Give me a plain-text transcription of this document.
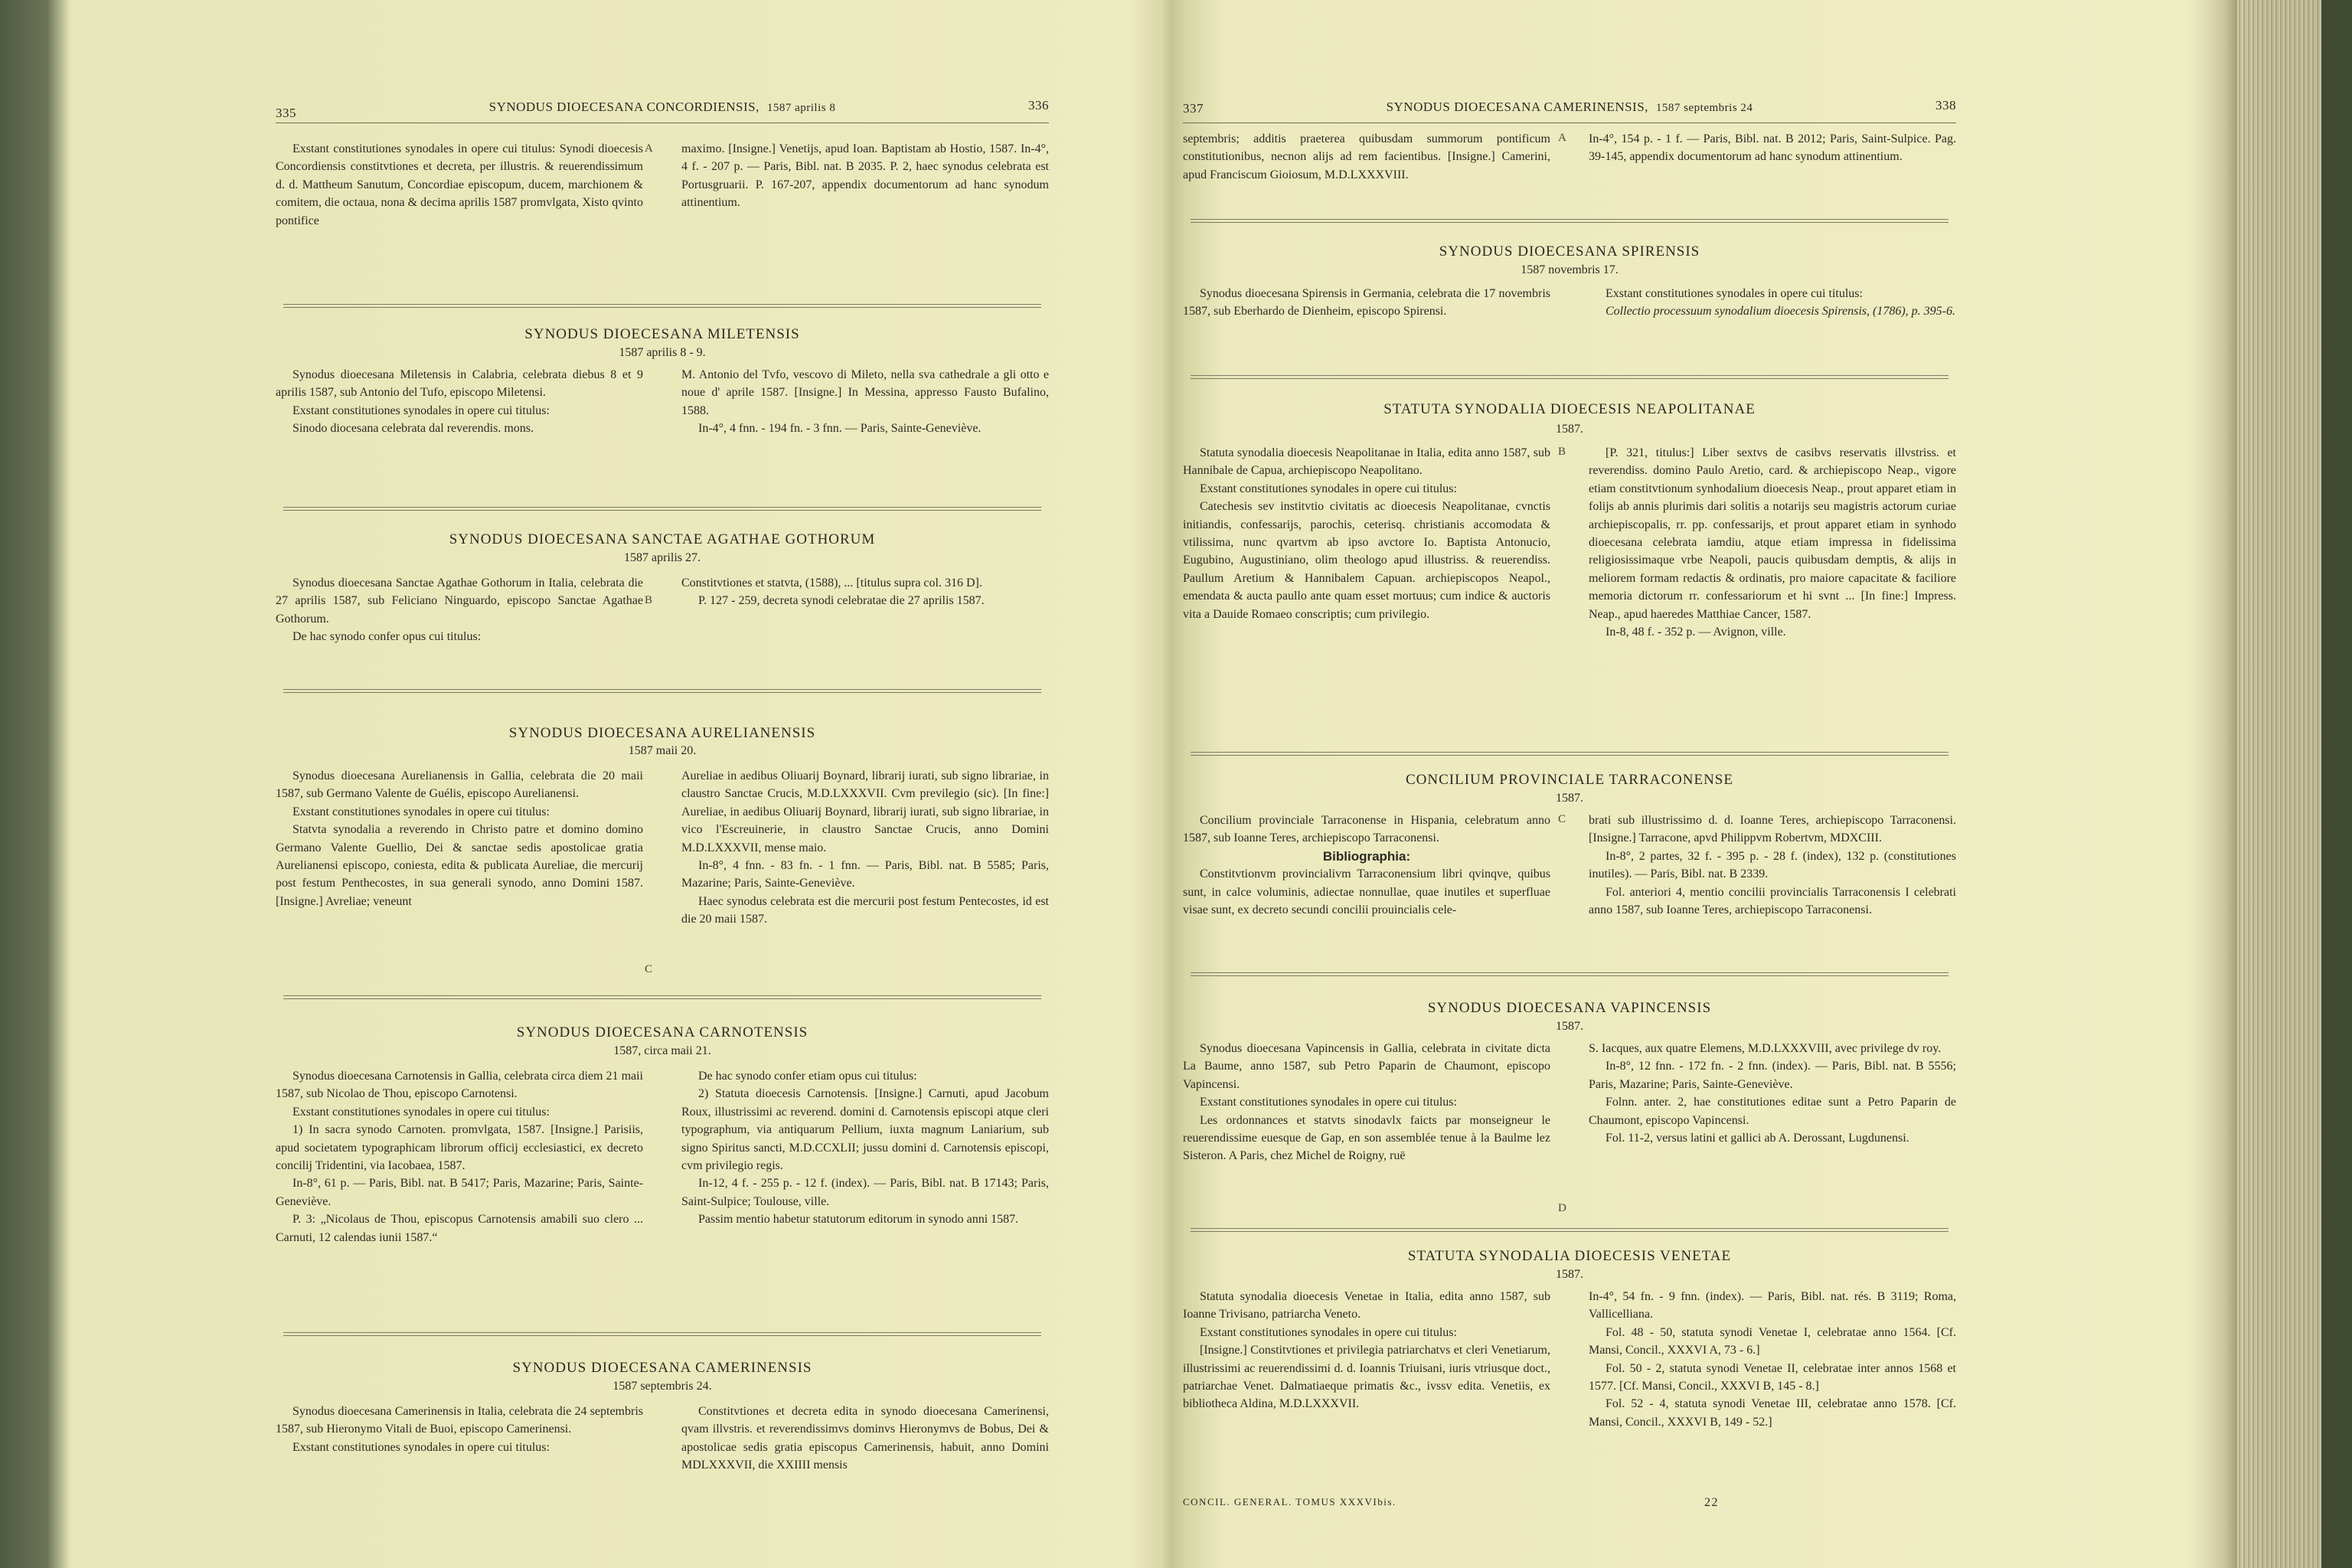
335	SYNODUS DIOECESANA CONCORDIENSIS, 1587 aprilis 8	336

Exstant constitutiones synodales in opere cui titulus: Synodi dioecesis Concordiensis constitvtiones et decreta, per illustris. & reuerendissimum d. d. Mattheum Sanutum, Concordiae episcopum, ducem, marchionem & comitem, die octaua, nona & decima aprilis 1587 promvlgata, Xisto qvinto pontifice

maximo. [Insigne.] Venetijs, apud Ioan. Baptistam ab Hostio, 1587. In-4°, 4 f. - 207 p. — Paris, Bibl. nat. B 2035. P. 2, haec synodus celebrata est Portusgruarii. P. 167-207, appendix documentorum ad hanc synodum attinentium.

A
SYNODUS DIOECESANA MILETENSIS
1587 aprilis 8 - 9.

Synodus dioecesana Miletensis in Calabria, celebrata diebus 8 et 9 aprilis 1587, sub Antonio del Tufo, episcopo Miletensi.

Exstant constitutiones synodales in opere cui titulus:

Sinodo diocesana celebrata dal reverendis. mons.

M. Antonio del Tvfo, vescovo di Mileto, nella sva cathedrale a gli otto e noue d' aprile 1587. [Insigne.] In Messina, appresso Fausto Bufalino, 1588.

In-4°, 4 fnn. - 194 fn. - 3 fnn. — Paris, Sainte-Geneviève.

SYNODUS DIOECESANA SANCTAE AGATHAE GOTHORUM
1587 aprilis 27.

Synodus dioecesana Sanctae Agathae Gothorum in Italia, celebrata die 27 aprilis 1587, sub Feliciano Ninguardo, episcopo Sanctae Agathae Gothorum.

De hac synodo confer opus cui titulus:

Constitvtiones et statvta, (1588), ... [titulus supra col. 316 D].

P. 127 - 259, decreta synodi celebratae die 27 aprilis 1587.

B
SYNODUS DIOECESANA AURELIANENSIS
1587 maii 20.

Synodus dioecesana Aurelianensis in Gallia, celebrata die 20 maii 1587, sub Germano Valente de Guélis, episcopo Aurelianensi.

Exstant constitutiones synodales in opere cui titulus:

Statvta synodalia a reverendo in Christo patre et domino domino Germano Valente Guellio, Dei & sanctae sedis apostolicae gratia Aurelianensi episcopo, coniesta, edita & publicata Aureliae, die mercurij post festum Penthecostes, in sua generali synodo, anno Domini 1587. [Insigne.] Avreliae; veneunt

Aureliae in aedibus Oliuarij Boynard, librarij iurati, sub signo librariae, in claustro Sanctae Crucis, M.D.LXXXVII. Cvm previlegio (sic). [In fine:] Aureliae, in aedibus Oliuarij Boynard, librarij iurati, sub signo librariae, in vico l'Escreuinerie, in claustro Sanctae Crucis, anno Domini M.D.LXXXVII, mense maio.

In-8°, 4 fnn. - 83 fn. - 1 fnn. — Paris, Bibl. nat. B 5585; Paris, Mazarine; Paris, Sainte-Geneviève.

Haec synodus celebrata est die mercurii post festum Pentecostes, id est die 20 maii 1587.

C
SYNODUS DIOECESANA CARNOTENSIS
1587, circa maii 21.

Synodus dioecesana Carnotensis in Gallia, celebrata circa diem 21 maii 1587, sub Nicolao de Thou, episcopo Carnotensi.

Exstant constitutiones synodales in opere cui titulus:

1) In sacra synodo Carnoten. promvlgata, 1587. [Insigne.] Parisiis, apud societatem typographicam librorum officij ecclesiastici, ex decreto concilij Tridentini, via Iacobaea, 1587.

In-8°, 61 p. — Paris, Bibl. nat. B 5417; Paris, Mazarine; Paris, Sainte-Geneviève.

P. 3: „Nicolaus de Thou, episcopus Carnotensis amabili suo clero ... Carnuti, 12 calendas iunii 1587.“

De hac synodo confer etiam opus cui titulus:

2) Statuta dioecesis Carnotensis. [Insigne.] Carnuti, apud Jacobum Roux, illustrissimi ac reverend. domini d. Carnotensis episcopi atque cleri typographum, via antiquarum Pellium, iuxta magnum Laniarium, sub signo Spiritus sancti, M.D.CCXLII; jussu domini d. Carnotensis episcopi, cvm privilegio regis.

In-12, 4 f. - 255 p. - 12 f. (index). — Paris, Bibl. nat. B 17143; Paris, Saint-Sulpice; Toulouse, ville.

Passim mentio habetur statutorum editorum in synodo anni 1587.

SYNODUS DIOECESANA CAMERINENSIS
1587 septembris 24.

Synodus dioecesana Camerinensis in Italia, celebrata die 24 septembris 1587, sub Hieronymo Vitali de Buoi, episcopo Camerinensi.

Exstant constitutiones synodales in opere cui titulus:

Constitvtiones et decreta edita in synodo dioecesana Camerinensi, qvam illvstris. et reverendissimvs dominvs Hieronymvs de Bobus, Dei & apostolicae sedis gratia episcopus Camerinensis, habuit, anno Domini MDLXXXVII, die XXIIII mensis

337	SYNODUS DIOECESANA CAMERINENSIS, 1587 septembris 24	338

septembris; additis praeterea quibusdam summorum pontificum constitutionibus, necnon alijs ad rem facientibus. [Insigne.] Camerini, apud Franciscum Gioiosum, M.D.LXXXVIII.

In-4°, 154 p. - 1 f. — Paris, Bibl. nat. B 2012; Paris, Saint-Sulpice. Pag. 39-145, appendix documentorum ad hanc synodum attinentium.

A
SYNODUS DIOECESANA SPIRENSIS
1587 novembris 17.

Synodus dioecesana Spirensis in Germania, celebrata die 17 novembris 1587, sub Eberhardo de Dienheim, episcopo Spirensi.

Exstant constitutiones synodales in opere cui titulus:

Collectio processuum synodalium dioecesis Spirensis, (1786), p. 395-6.

STATUTA SYNODALIA DIOECESIS NEAPOLITANAE
1587.

Statuta synodalia dioecesis Neapolitanae in Italia, edita anno 1587, sub Hannibale de Capua, archiepiscopo Neapolitano.

Exstant constitutiones synodales in opere cui titulus:

Catechesis sev institvtio civitatis ac dioecesis Neapolitanae, cvnctis initiandis, confessarijs, parochis, ceterisq. christianis accomodata & vtilissima, nunc qvartvm ab ipso avctore Io. Baptista Antonucio, Eugubino, Augustiniano, olim theologo apud illustriss. & reuerendiss. Paullum Aretium & Hannibalem Capuan. archiepiscopos Neapol., emendata & aucta paullo ante quam esset mortuus; cum indice & auctoris vita a Dauide Romaeo conscriptis; cum privilegio.

[P. 321, titulus:] Liber sextvs de casibvs reservatis illvstriss. et reverendiss. domino Paulo Aretio, card. & archiepiscopo Neap., vigore etiam constitvtionum synhodalium dioecesis Neap., prout apparet etiam in folijs ab annis plurimis dari solitis a notarijs seu magistris actorum curiae archiepiscopalis, rr. pp. confessarijs, et prout apparet etiam in synhodo dioecesana celebrata iamdiu, atque etiam impressa in fidelissima religiosissimaque vrbe Neapoli, paucis quibusdam demptis, & alijs in meliorem formam redactis & ordinatis, pro maiore capacitate & faciliore memoria dictorum rr. confessariorum et hi svnt ... [In fine:] Impress. Neap., apud haeredes Matthiae Cancer, 1587.

In-8, 48 f. - 352 p. — Avignon, ville.

B
CONCILIUM PROVINCIALE TARRACONENSE
1587.

Concilium provinciale Tarraconense in Hispania, celebratum anno 1587, sub Ioanne Teres, archiepiscopo Tarraconensi.

Bibliographia:

Constitvtionvm provincialivm Tarraconensium libri qvinqve, quibus sunt, in calce voluminis, adiectae nonnullae, quae inutiles et superfluae visae sunt, ex decreto secundi concilii prouincialis cele-

brati sub illustrissimo d. d. Ioanne Teres, archiepiscopo Tarraconensi. [Insigne.] Tarracone, apvd Philippvm Robertvm, MDXCIII.

In-8°, 2 partes, 32 f. - 395 p. - 28 f. (index), 132 p. (constitutiones inutiles). — Paris, Bibl. nat. B 2339.

Fol. anteriori 4, mentio concilii provincialis Tarraconensis I celebrati anno 1587, sub Ioanne Teres, archiepiscopo Tarraconensi.

C
SYNODUS DIOECESANA VAPINCENSIS
1587.

Synodus dioecesana Vapincensis in Gallia, celebrata in civitate dicta La Baume, anno 1587, sub Petro Paparin de Chaumont, episcopo Vapincensi.

Exstant constitutiones synodales in opere cui titulus:

Les ordonnances et statvts sinodavlx faicts par monseigneur le reuerendissime euesque de Gap, en son assemblée tenue à la Baulme lez Sisteron. A Paris, chez Michel de Roigny, ruë

S. Iacques, aux quatre Elemens, M.D.LXXXVIII, avec privilege dv roy.

In-8°, 12 fnn. - 172 fn. - 2 fnn. (index). — Paris, Bibl. nat. B 5556; Paris, Mazarine; Paris, Sainte-Geneviève.

Folnn. anter. 2, hae constitutiones editae sunt a Petro Paparin de Chaumont, episcopo Vapincensi.

Fol. 11-2, versus latini et gallici ab A. Derossant, Lugdunensi.

D
STATUTA SYNODALIA DIOECESIS VENETAE
1587.

Statuta synodalia dioecesis Venetae in Italia, edita anno 1587, sub Ioanne Trivisano, patriarcha Veneto.

Exstant constitutiones synodales in opere cui titulus:

[Insigne.] Constitvtiones et privilegia patriarchatvs et cleri Venetiarum, illustrissimi ac reuerendissimi d. d. Ioannis Triuisani, iuris vtriusque doct., patriarchae Venet. Dalmatiaeque primatis &c., ivssv edita. Venetiis, ex bibliotheca Aldina, M.D.LXXXVII.

In-4°, 54 fn. - 9 fnn. (index). — Paris, Bibl. nat. rés. B 3119; Roma, Vallicelliana.

Fol. 48 - 50, statuta synodi Venetae I, celebratae anno 1564. [Cf. Mansi, Concil., XXXVI A, 73 - 6.]

Fol. 50 - 2, statuta synodi Venetae II, celebratae inter annos 1568 et 1577. [Cf. Mansi, Concil., XXXVI B, 145 - 8.]

Fol. 52 - 4, statuta synodi Venetae III, celebratae anno 1578. [Cf. Mansi, Concil., XXXVI B, 149 - 52.]

CONCIL. GENERAL. TOMUS XXXVIbis.	22
